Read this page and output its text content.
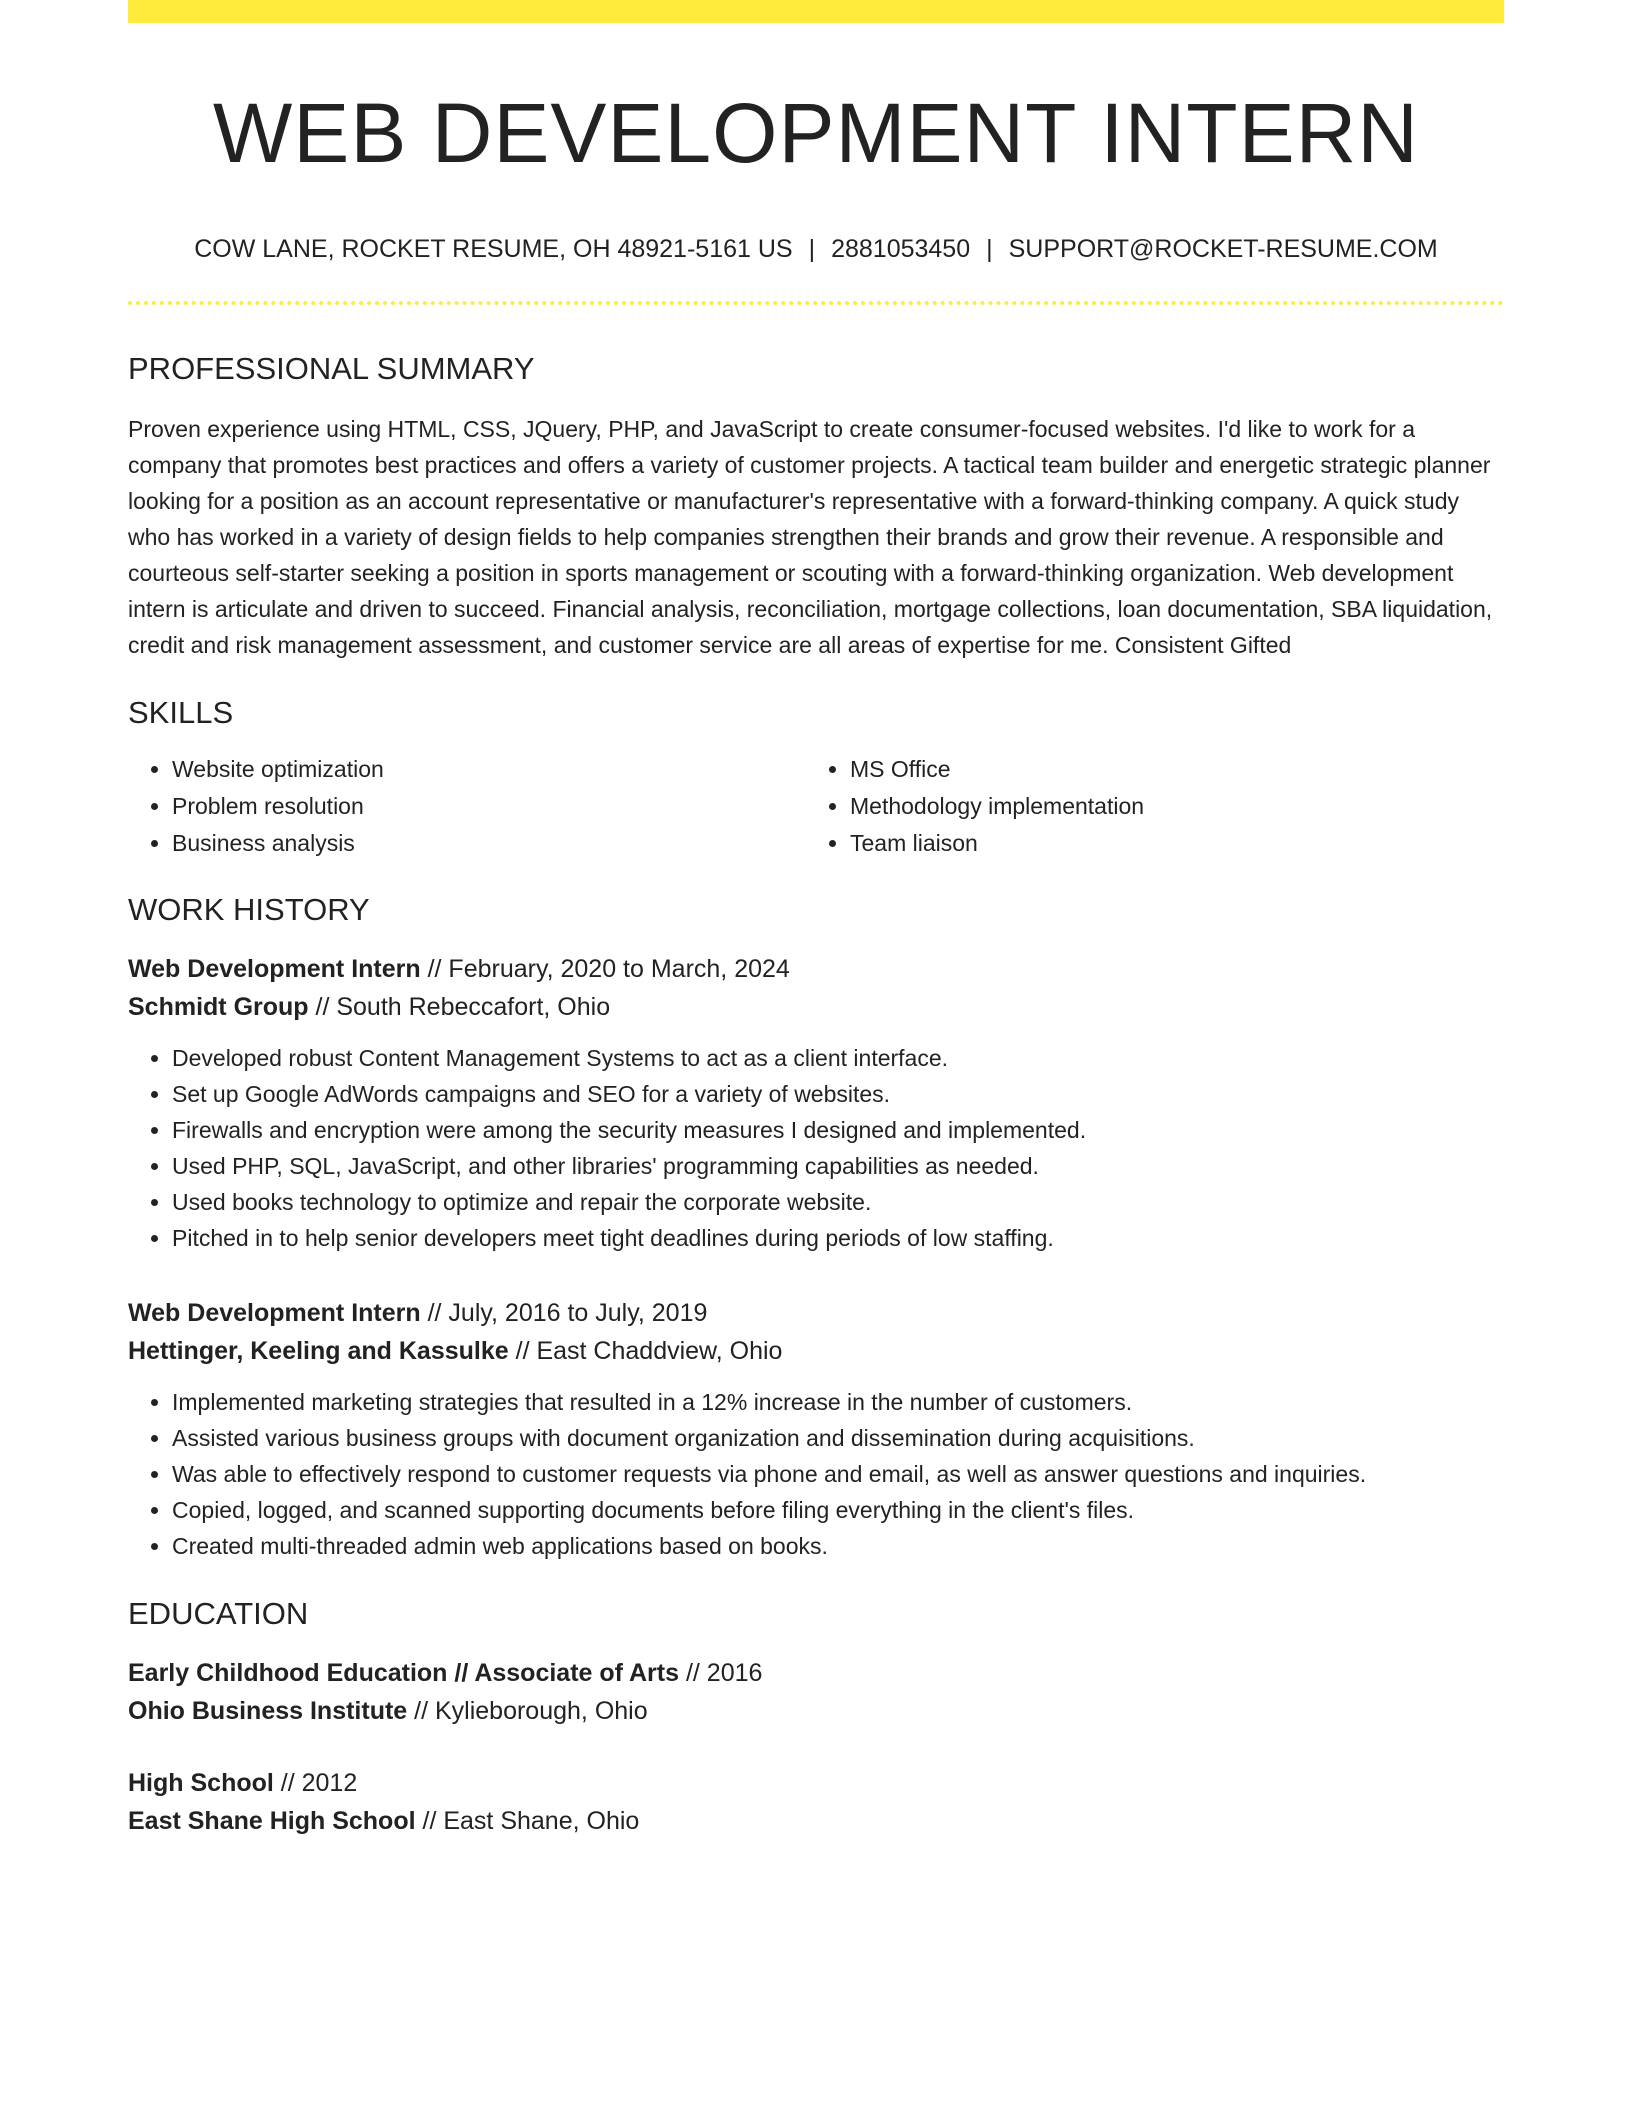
WEB DEVELOPMENT INTERN
COW LANE, ROCKET RESUME, OH 48921-5161 US | 2881053450 | SUPPORT@ROCKET-RESUME.COM
PROFESSIONAL SUMMARY
Proven experience using HTML, CSS, JQuery, PHP, and JavaScript to create consumer-focused websites. I'd like to work for a company that promotes best practices and offers a variety of customer projects. A tactical team builder and energetic strategic planner looking for a position as an account representative or manufacturer's representative with a forward-thinking company. A quick study who has worked in a variety of design fields to help companies strengthen their brands and grow their revenue. A responsible and courteous self-starter seeking a position in sports management or scouting with a forward-thinking organization. Web development intern is articulate and driven to succeed. Financial analysis, reconciliation, mortgage collections, loan documentation, SBA liquidation, credit and risk management assessment, and customer service are all areas of expertise for me. Consistent Gifted
SKILLS
• Website optimization
• Problem resolution
• Business analysis
• MS Office
• Methodology implementation
• Team liaison
WORK HISTORY
Web Development Intern // February, 2020 to March, 2024
Schmidt Group // South Rebeccafort, Ohio
• Developed robust Content Management Systems to act as a client interface.
• Set up Google AdWords campaigns and SEO for a variety of websites.
• Firewalls and encryption were among the security measures I designed and implemented.
• Used PHP, SQL, JavaScript, and other libraries' programming capabilities as needed.
• Used books technology to optimize and repair the corporate website.
• Pitched in to help senior developers meet tight deadlines during periods of low staffing.
Web Development Intern // July, 2016 to July, 2019
Hettinger, Keeling and Kassulke // East Chaddview, Ohio
• Implemented marketing strategies that resulted in a 12% increase in the number of customers.
• Assisted various business groups with document organization and dissemination during acquisitions.
• Was able to effectively respond to customer requests via phone and email, as well as answer questions and inquiries.
• Copied, logged, and scanned supporting documents before filing everything in the client's files.
• Created multi-threaded admin web applications based on books.
EDUCATION
Early Childhood Education // Associate of Arts // 2016
Ohio Business Institute // Kylieborough, Ohio
High School // 2012
East Shane High School // East Shane, Ohio
